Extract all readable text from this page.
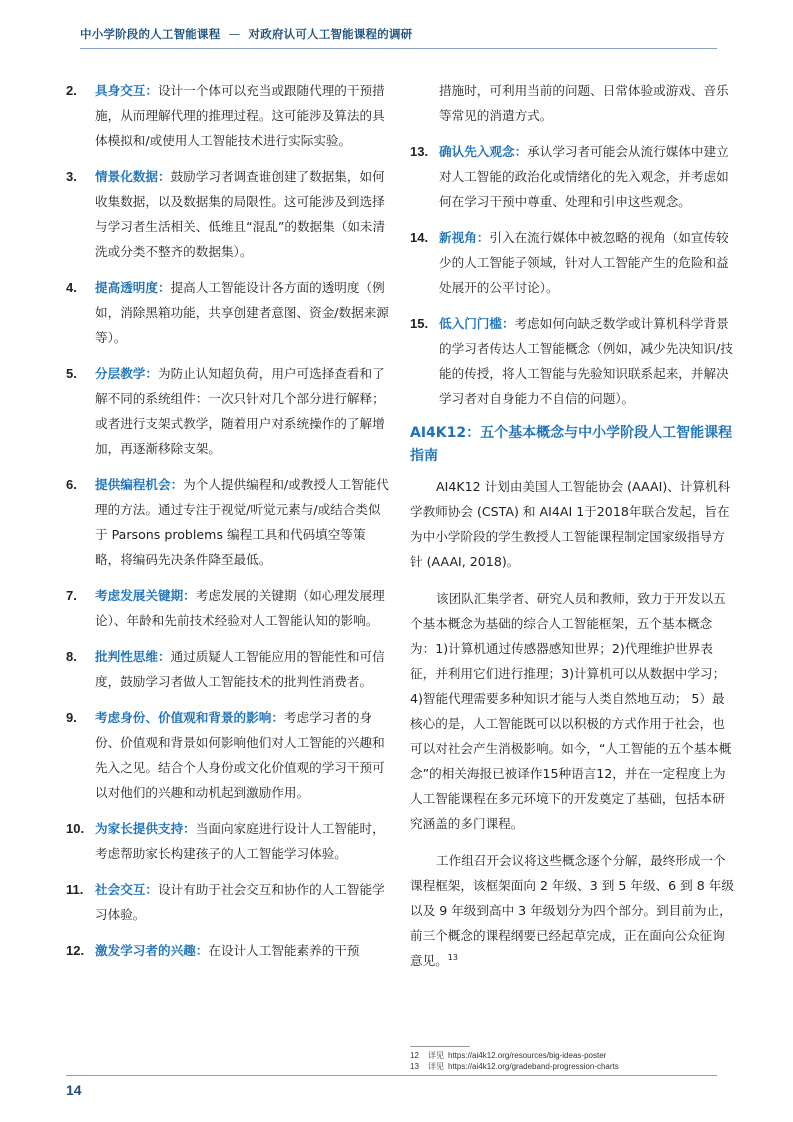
中小学阶段的人工智能课程 — 对政府认可人工智能课程的调研
2. 具身交互：设计一个体可以充当或跟随代理的干预措施，从而理解代理的推理过程。这可能涉及算法的具体模拟和/或使用人工智能技术进行实际实验。
3. 情景化数据：鼓励学习者调查谁创建了数据集，如何收集数据，以及数据集的局限性。这可能涉及到选择与学习者生活相关、低维且“混乱”的数据集（如未清洗或分类不整齐的数据集）。
4. 提高透明度：提高人工智能设计各方面的透明度（例如，消除黑箱功能，共享创建者意图、资金/数据来源等）。
5. 分层教学：为防止认知超负荷，用户可选择查看和了解不同的系统组件：一次只针对几个部分进行解释；或者进行支架式教学，随着用户对系统操作的了解增加，再逐渐移除支架。
6. 提供编程机会：为个人提供编程和/或教授人工智能代理的方法。通过专注于视觉/听觉元素与/或结合类似于 Parsons problems 编程工具和代码填空等策略，将编码先决条件降至最低。
7. 考虑发展关键期：考虑发展的关键期（如心理发展理论）、年龄和先前技术经验对人工智能认知的影响。
8. 批判性思维：通过质疑人工智能应用的智能性和可信度，鼓励学习者做人工智能技术的批判性消费者。
9. 考虑身份、价值观和背景的影响：考虑学习者的身份、价值观和背景如何影响他们对人工智能的兴趣和先入之见。结合个人身份或文化价值观的学习干预可以对他们的兴趣和动机起到激励作用。
10. 为家长提供支持：当面向家庭进行设计人工智能时，考虑帮助家长构建孩子的人工智能学习体验。
11. 社会交互：设计有助于社会交互和协作的人工智能学习体验。
12. 激发学习者的兴趣：在设计人工智能素养的干预
措施时，可利用当前的问题、日常体验或游戏、音乐等常见的消遣方式。
13. 确认先入观念：承认学习者可能会从流行媒体中建立对人工智能的政治化或情绪化的先入观念，并考虑如何在学习干预中尊重、处理和引申这些观念。
14. 新视角：引入在流行媒体中被忽略的视角（如宣传较少的人工智能子领域，针对人工智能产生的危险和益处展开的公平讨论）。
15. 低入门门槛：考虑如何向缺乏数学或计算机科学背景的学习者传达人工智能概念（例如，减少先决知识/技能的传授，将人工智能与先验知识联系起来，并解决学习者对自身能力不自信的问题）。
AI4K12：五个基本概念与中小学阶段人工智能课程指南

AI4K12 计划由美国人工智能协会 (AAAI)、计算机科学教师协会 (CSTA) 和 AI4AI 1于2018年联合发起，旨在为中小学阶段的学生教授人工智能课程制定国家级指导方针 (AAAI, 2018)。

该团队汇集学者、研究人员和教师，致力于开发以五个基本概念为基础的综合人工智能框架，五个基本概念为：1)计算机通过传感器感知世界；2)代理维护世界表征，并利用它们进行推理；3)计算机可以从数据中学习；4)智能代理需要多种知识才能与人类自然地互动； 5）最核心的是，人工智能既可以以积极的方式作用于社会，也可以对社会产生消极影响。如今，“人工智能的五个基本概念”的相关海报已被译作15种语言12，并在一定程度上为人工智能课程在多元环境下的开发奠定了基础，包括本研究涵盖的多门课程。

工作组召开会议将这些概念逐个分解，最终形成一个课程框架，该框架面向 2 年级、3 到 5 年级、6 到 8 年级以及 9 年级到高中 3 年级划分为四个部分。到目前为止，前三个概念的课程纲要已经起草完成，正在面向公众征询意见。$^{13}$

12 详见 https://ai4k12.org/resources/big-ideas-poster
13 详见 https://ai4k12.org/gradeband-progression-charts
14
